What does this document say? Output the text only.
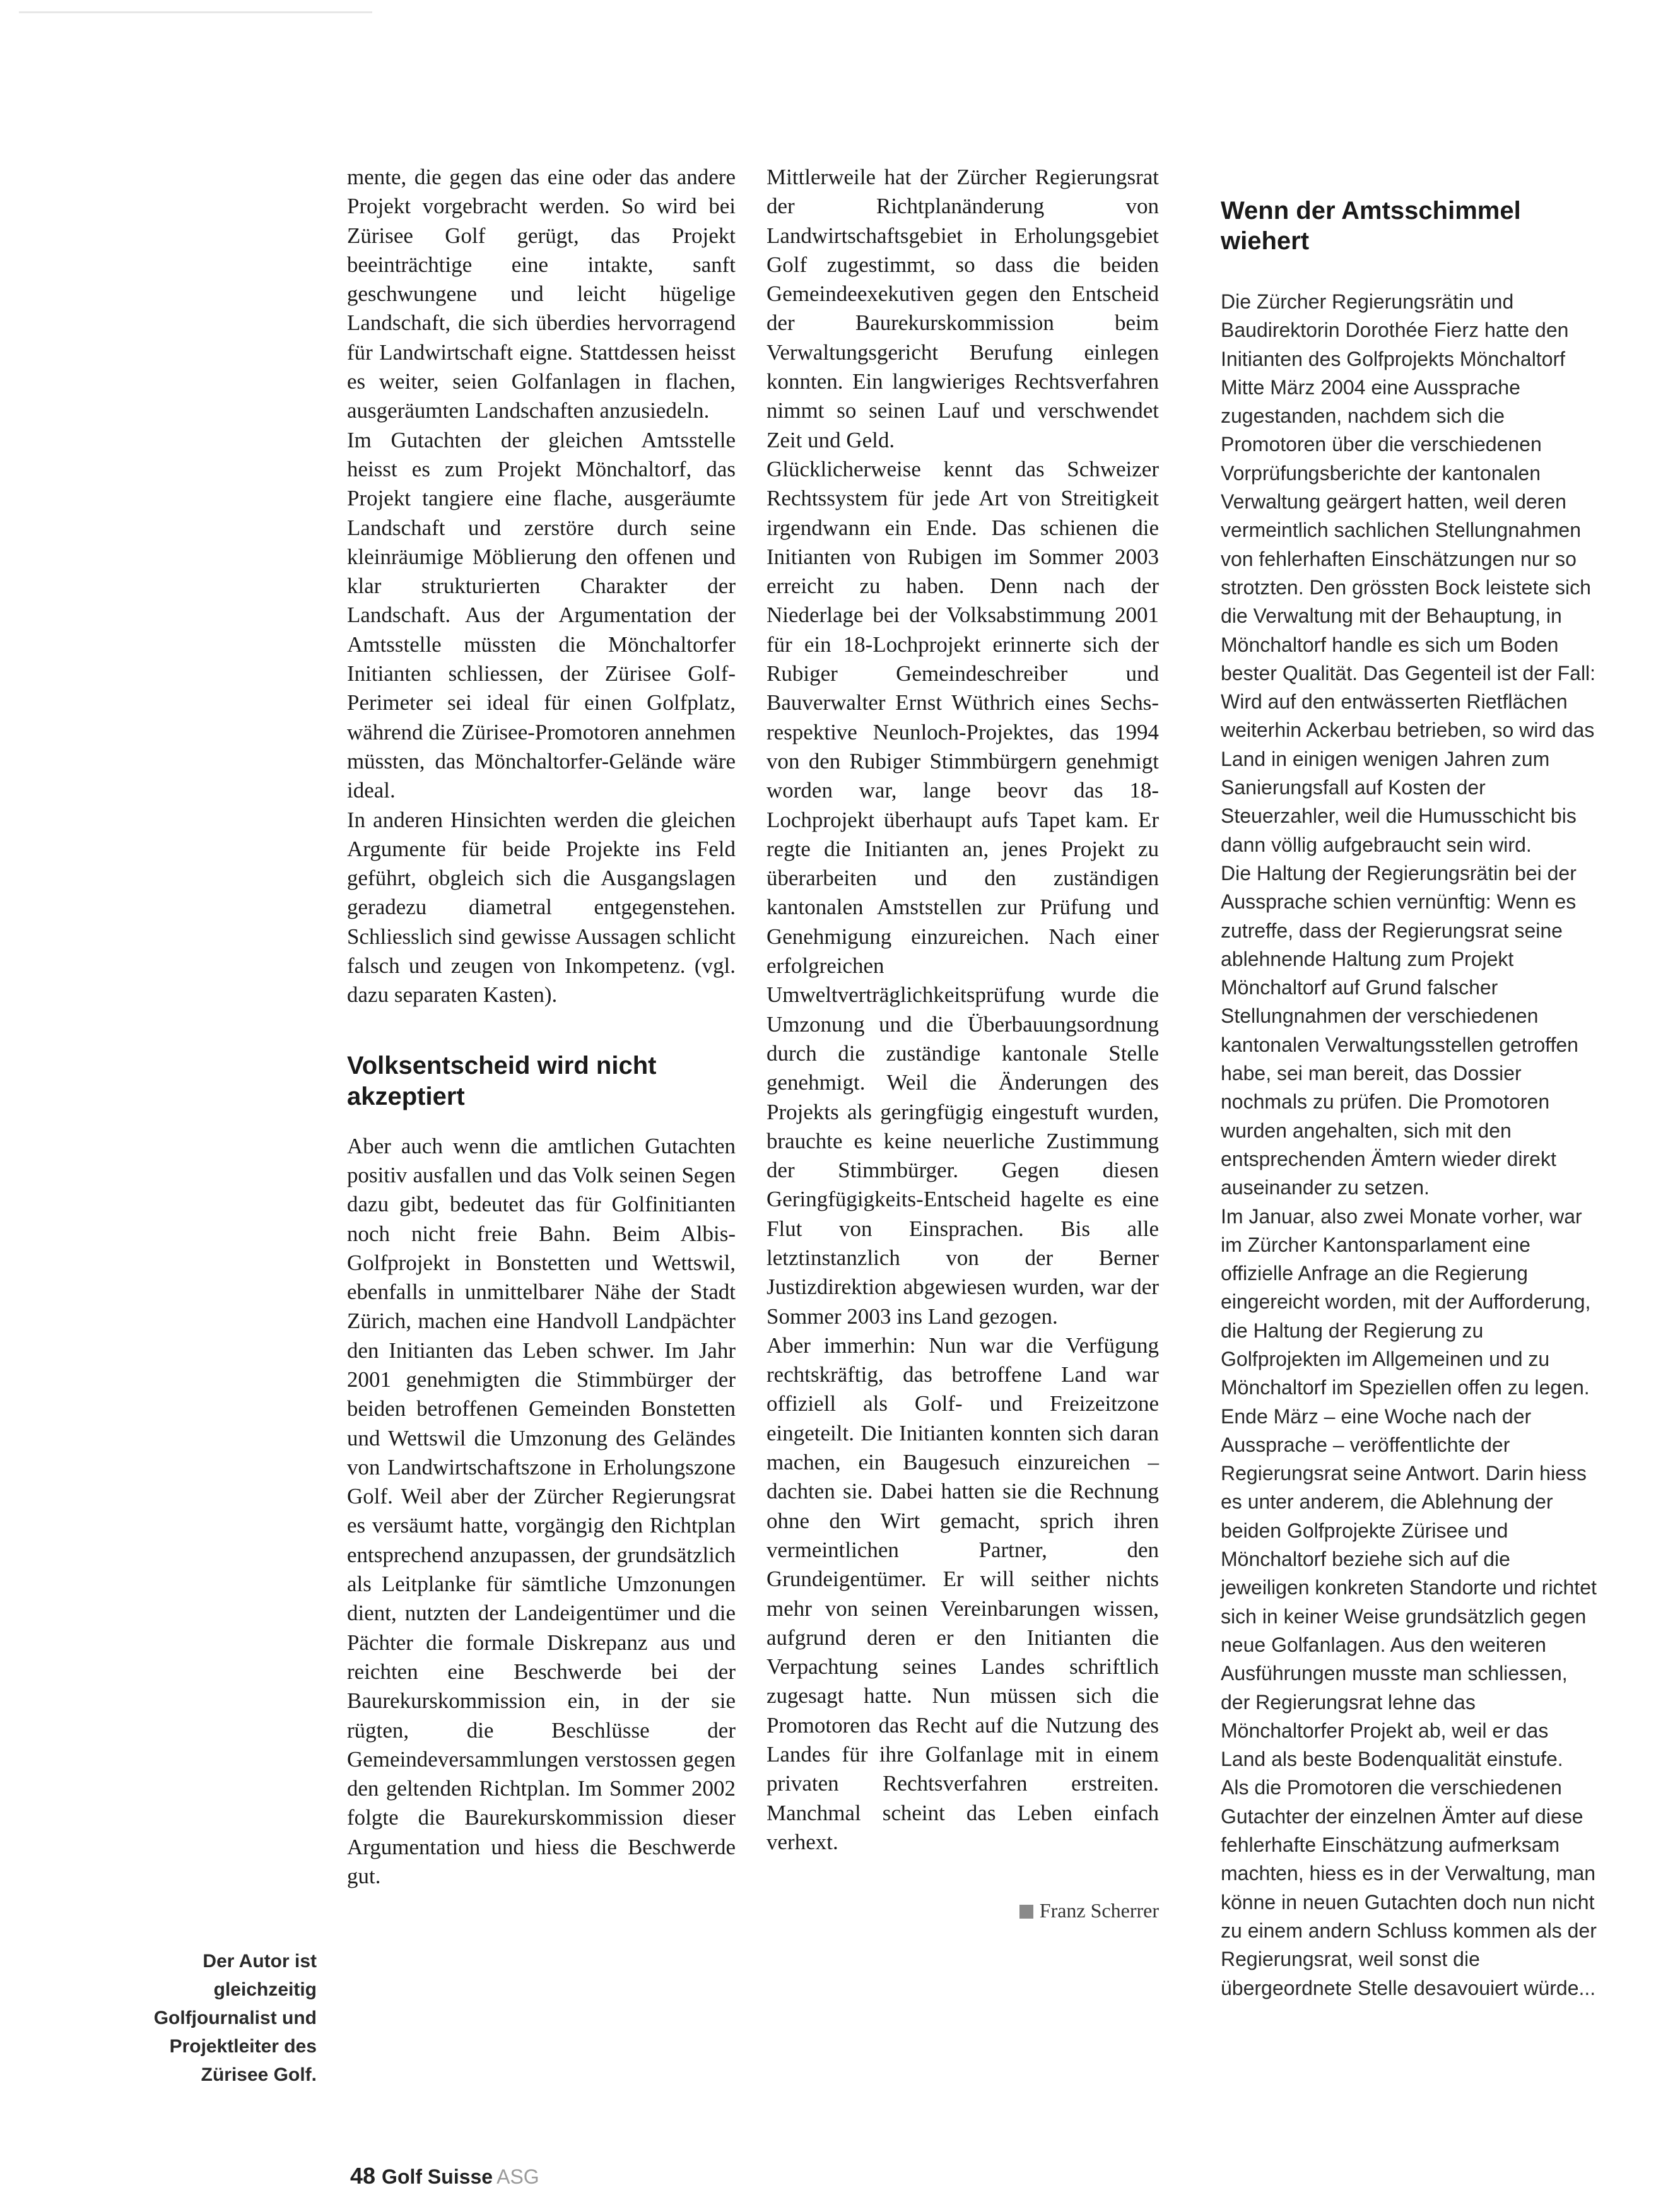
mente, die gegen das eine oder das andere Projekt vorgebracht werden. So wird bei Zürisee Golf gerügt, das Projekt beeinträchtige eine intakte, sanft geschwungene und leicht hügelige Landschaft, die sich überdies hervorragend für Landwirtschaft eigne. Stattdessen heisst es weiter, seien Golfanlagen in flachen, ausgeräumten Landschaften anzusiedeln.

Im Gutachten der gleichen Amtsstelle heisst es zum Projekt Mönchaltorf, das Projekt tangiere eine flache, ausgeräumte Landschaft und zerstöre durch seine kleinräumige Möblierung den offenen und klar strukturierten Charakter der Landschaft. Aus der Argumentation der Amtsstelle müssten die Mönchaltorfer Initianten schliessen, der Zürisee Golf-Perimeter sei ideal für einen Golfplatz, während die Zürisee-Promotoren annehmen müssten, das Mönchaltorfer-Gelände wäre ideal.

In anderen Hinsichten werden die gleichen Argumente für beide Projekte ins Feld geführt, obgleich sich die Ausgangslagen geradezu diametral entgegenstehen. Schliesslich sind gewisse Aussagen schlicht falsch und zeugen von Inkompetenz. (vgl. dazu separaten Kasten).

Volksentscheid wird nicht akzeptiert

Aber auch wenn die amtlichen Gutachten positiv ausfallen und das Volk seinen Segen dazu gibt, bedeutet das für Golfinitianten noch nicht freie Bahn. Beim Albis-Golfprojekt in Bonstetten und Wettswil, ebenfalls in unmittelbarer Nähe der Stadt Zürich, machen eine Handvoll Landpächter den Initianten das Leben schwer. Im Jahr 2001 genehmigten die Stimmbürger der beiden betroffenen Gemeinden Bonstetten und Wettswil die Umzonung des Geländes von Landwirtschaftszone in Erholungszone Golf. Weil aber der Zürcher Regierungsrat es versäumt hatte, vorgängig den Richtplan entsprechend anzupassen, der grundsätzlich als Leitplanke für sämtliche Umzonungen dient, nutzten der Landeigentümer und die Pächter die formale Diskrepanz aus und reichten eine Beschwerde bei der Baurekurskommission ein, in der sie rügten, die Beschlüsse der Gemeindeversammlungen verstossen gegen den geltenden Richtplan. Im Sommer 2002 folgte die Baurekurskommission dieser Argumentation und hiess die Beschwerde gut.

Mittlerweile hat der Zürcher Regierungsrat der Richtplanänderung von Landwirtschaftsgebiet in Erholungsgebiet Golf zugestimmt, so dass die beiden Gemeindeexekutiven gegen den Entscheid der Baurekurskommission beim Verwaltungsgericht Berufung einlegen konnten. Ein langwieriges Rechtsverfahren nimmt so seinen Lauf und verschwendet Zeit und Geld.

Glücklicherweise kennt das Schweizer Rechtssystem für jede Art von Streitigkeit irgendwann ein Ende. Das schienen die Initianten von Rubigen im Sommer 2003 erreicht zu haben. Denn nach der Niederlage bei der Volksabstimmung 2001 für ein 18-Lochprojekt erinnerte sich der Rubiger Gemeindeschreiber und Bauverwalter Ernst Wüthrich eines Sechs- respektive Neunloch-Projektes, das 1994 von den Rubiger Stimmbürgern genehmigt worden war, lange beovr das 18-Lochprojekt überhaupt aufs Tapet kam. Er regte die Initianten an, jenes Projekt zu überarbeiten und den zuständigen kantonalen Amststellen zur Prüfung und Genehmigung einzureichen. Nach einer erfolgreichen Umweltverträglichkeitsprüfung wurde die Umzonung und die Überbauungsordnung durch die zuständige kantonale Stelle genehmigt. Weil die Änderungen des Projekts als geringfügig eingestuft wurden, brauchte es keine neuerliche Zustimmung der Stimmbürger. Gegen diesen Geringfügigkeits-Entscheid hagelte es eine Flut von Einsprachen. Bis alle letztinstanzlich von der Berner Justizdirektion abgewiesen wurden, war der Sommer 2003 ins Land gezogen.

Aber immerhin: Nun war die Verfügung rechtskräftig, das betroffene Land war offiziell als Golf- und Freizeitzone eingeteilt. Die Initianten konnten sich daran machen, ein Baugesuch einzureichen – dachten sie. Dabei hatten sie die Rechnung ohne den Wirt gemacht, sprich ihren vermeintlichen Partner, den Grundeigentümer. Er will seither nichts mehr von seinen Vereinbarungen wissen, aufgrund deren er den Initianten die Verpachtung seines Landes schriftlich zugesagt hatte. Nun müssen sich die Promotoren das Recht auf die Nutzung des Landes für ihre Golfanlage mit in einem privaten Rechtsverfahren erstreiten. Manchmal scheint das Leben einfach verhext.

Franz Scherrer
Wenn der Amtsschimmel wiehert

Die Zürcher Regierungsrätin und Baudirektorin Dorothée Fierz hatte den Initianten des Golfprojekts Mönchaltorf Mitte März 2004 eine Aussprache zugestanden, nachdem sich die Promotoren über die verschiedenen Vorprüfungsberichte der kantonalen Verwaltung geärgert hatten, weil deren vermeintlich sachlichen Stellungnahmen von fehlerhaften Einschätzungen nur so strotzten. Den grössten Bock leistete sich die Verwaltung mit der Behauptung, in Mönchaltorf handle es sich um Boden bester Qualität. Das Gegenteil ist der Fall: Wird auf den entwässerten Rietflächen weiterhin Ackerbau betrieben, so wird das Land in einigen wenigen Jahren zum Sanierungsfall auf Kosten der Steuerzahler, weil die Humusschicht bis dann völlig aufgebraucht sein wird.

Die Haltung der Regierungsrätin bei der Aussprache schien vernünftig: Wenn es zutreffe, dass der Regierungsrat seine ablehnende Haltung zum Projekt Mönchaltorf auf Grund falscher Stellungnahmen der verschiedenen kantonalen Verwaltungsstellen getroffen habe, sei man bereit, das Dossier nochmals zu prüfen. Die Promotoren wurden angehalten, sich mit den entsprechenden Ämtern wieder direkt auseinander zu setzen.

Im Januar, also zwei Monate vorher, war im Zürcher Kantonsparlament eine offizielle Anfrage an die Regierung eingereicht worden, mit der Aufforderung, die Haltung der Regierung zu Golfprojekten im Allgemeinen und zu Mönchaltorf im Speziellen offen zu legen.

Ende März – eine Woche nach der Aussprache – veröffentlichte der Regierungsrat seine Antwort. Darin hiess es unter anderem, die Ablehnung der beiden Golfprojekte Zürisee und Mönchaltorf beziehe sich auf die jeweiligen konkreten Standorte und richtet sich in keiner Weise grundsätzlich gegen neue Golfanlagen. Aus den weiteren Ausführungen musste man schliessen, der Regierungsrat lehne das Mönchaltorfer Projekt ab, weil er das Land als beste Bodenqualität einstufe.

Als die Promotoren die verschiedenen Gutachter der einzelnen Ämter auf diese fehlerhafte Einschätzung aufmerksam machten, hiess es in der Verwaltung, man könne in neuen Gutachten doch nun nicht zu einem andern Schluss kommen als der Regierungsrat, weil sonst die übergeordnete Stelle desavouiert würde...

Der Autor ist gleichzeitig Golfjournalist und Projektleiter des Zürisee Golf.
48 Golf Suisse ASG
